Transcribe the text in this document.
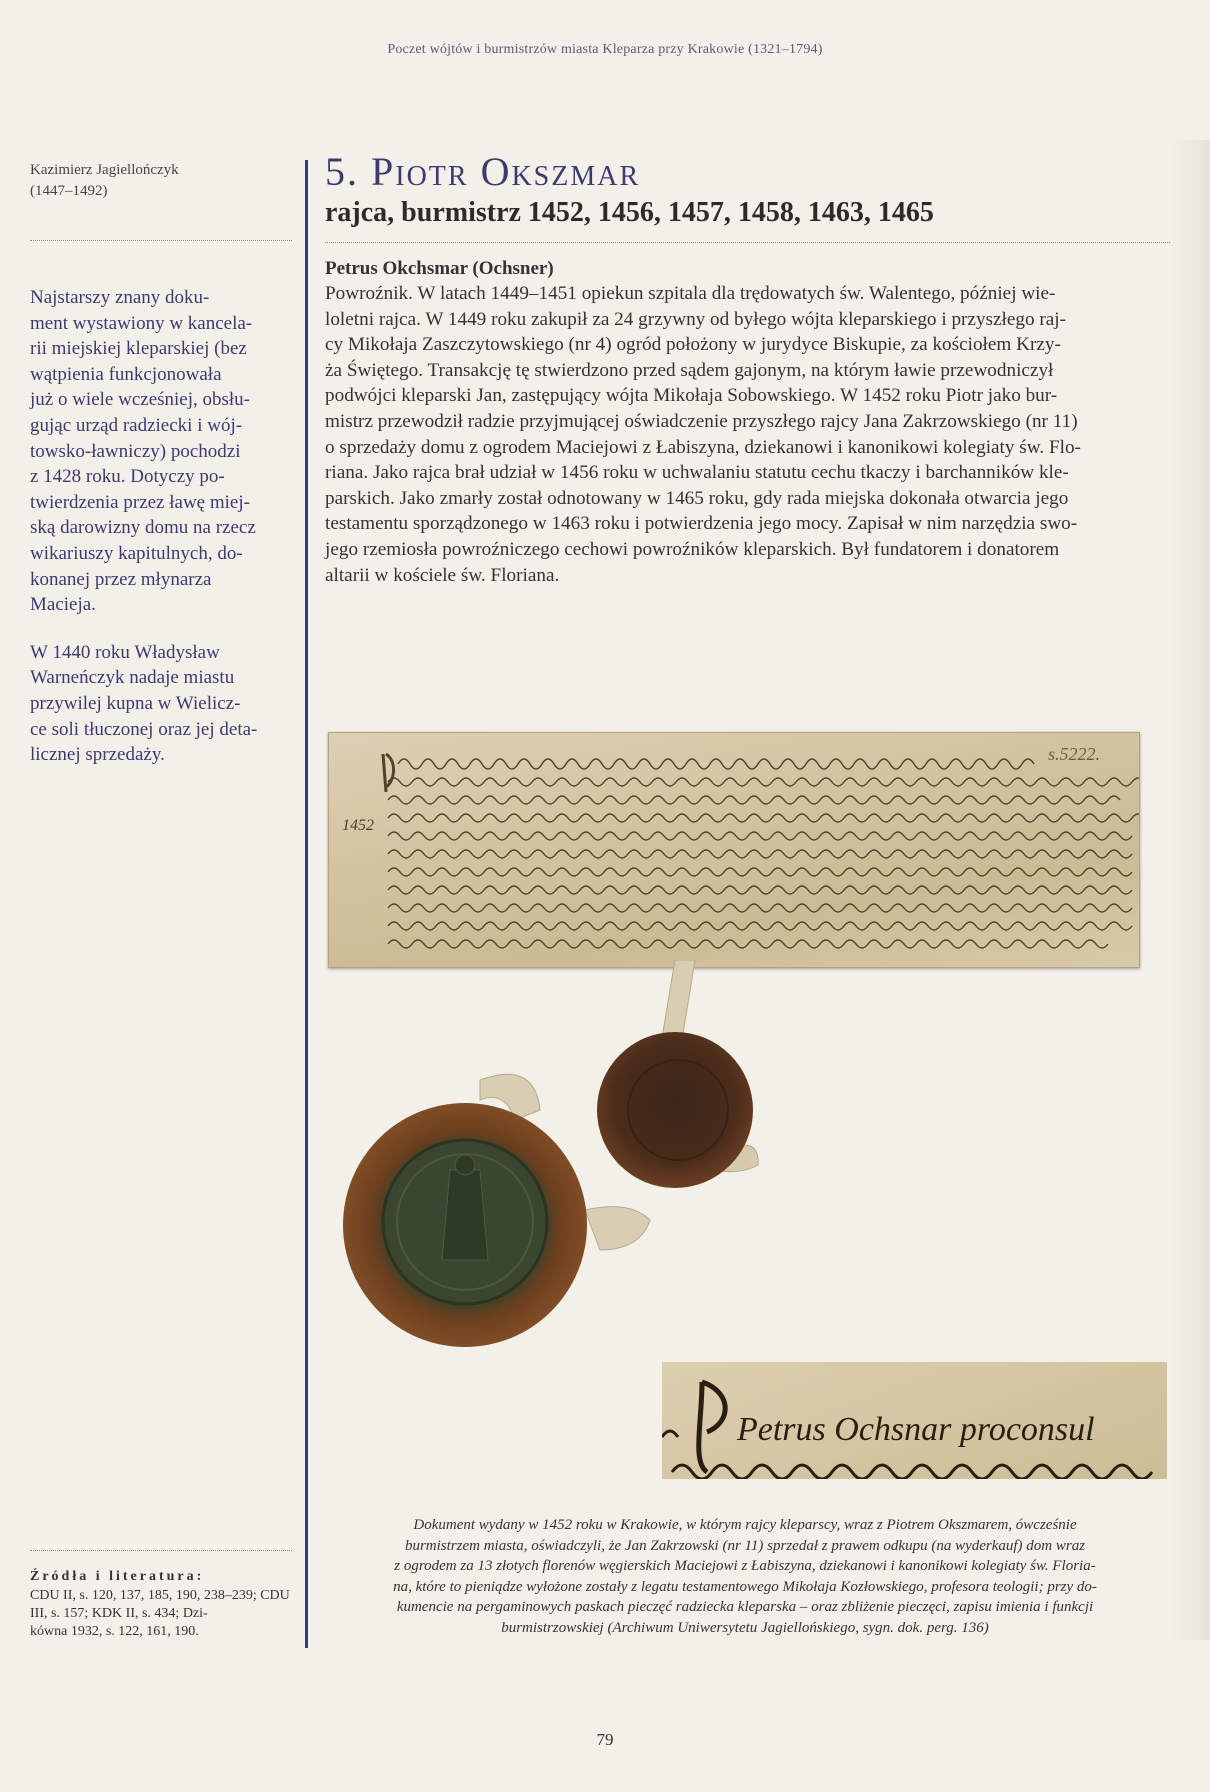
Poczet wójtów i burmistrzów miasta Kleparza przy Krakowie (1321–1794)
Kazimierz Jagiellończyk
(1447–1492)

Najstarszy znany doku-
ment wystawiony w kancela-
rii miejskiej kleparskiej (bez
wątpienia funkcjonowała
już o wiele wcześniej, obsłu-
gując urząd radziecki i wój-
towsko-ławniczy) pochodzi
z 1428 roku. Dotyczy po-
twierdzenia przez ławę miej-
ską darowizny domu na rzecz
wikariuszy kapitulnych, do-
konanej przez młynarza
Macieja.

W 1440 roku Władysław
Warneńczyk nadaje miastu
przywilej kupna w Wielicz-
ce soli tłuczonej oraz jej deta-
licznej sprzedaży.

Źródła i literatura:
CDU II, s. 120, 137, 185, 190, 238–239; CDU III, s. 157; KDK II, s. 434; Dzi-
kówna 1932, s. 122, 161, 190.
5. Piotr Okszmar
rajca, burmistrz 1452, 1456, 1457, 1458, 1463, 1465
Petrus Okchsmar (Ochsner)

Powroźnik. W latach 1449–1451 opiekun szpitala dla trędowatych św. Walentego, później wie-
loletni rajca. W 1449 roku zakupił za 24 grzywny od byłego wójta kleparskiego i przyszłego raj-
cy Mikołaja Zaszczytowskiego (nr 4) ogród położony w jurydyce Biskupie, za kościołem Krzy-
ża Świętego. Transakcję tę stwierdzono przed sądem gajonym, na którym ławie przewodniczył
podwójci kleparski Jan, zastępujący wójta Mikołaja Sobowskiego. W 1452 roku Piotr jako bur-
mistrz przewodził radzie przyjmującej oświadczenie przyszłego rajcy Jana Zakrzowskiego (nr 11)
o sprzedaży domu z ogrodem Maciejowi z Łabiszyna, dziekanowi i kanonikowi kolegiaty św. Flo-
riana. Jako rajca brał udział w 1456 roku w uchwalaniu statutu cechu tkaczy i barchanników kle-
parskich. Jako zmarły został odnotowany w 1465 roku, gdy rada miejska dokonała otwarcia jego
testamentu sporządzonego w 1463 roku i potwierdzenia jego mocy. Zapisał w nim narzędzia swo-
jego rzemiosła powroźniczego cechowi powroźników kleparskich. Był fundatorem i donatorem
altarii w kościele św. Floriana.

1452
s.5222.
Petrus Ochsnar proconsul
Dokument wydany w 1452 roku w Krakowie, w którym rajcy kleparscy, wraz z Piotrem Okszmarem, ówcześnie
burmistrzem miasta, oświadczyli, że Jan Zakrzowski (nr 11) sprzedał z prawem odkupu (na wyderkauf) dom wraz
z ogrodem za 13 złotych florenów węgierskich Maciejowi z Łabiszyna, dziekanowi i kanonikowi kolegiaty św. Floria-
na, które to pieniądze wyłożone zostały z legatu testamentowego Mikołaja Kozłowskiego, profesora teologii; przy do-
kumencie na pergaminowych paskach pieczęć radziecka kleparska – oraz zbliżenie pieczęci, zapisu imienia i funkcji
burmistrzowskiej (Archiwum Uniwersytetu Jagiellońskiego, sygn. dok. perg. 136)
79
